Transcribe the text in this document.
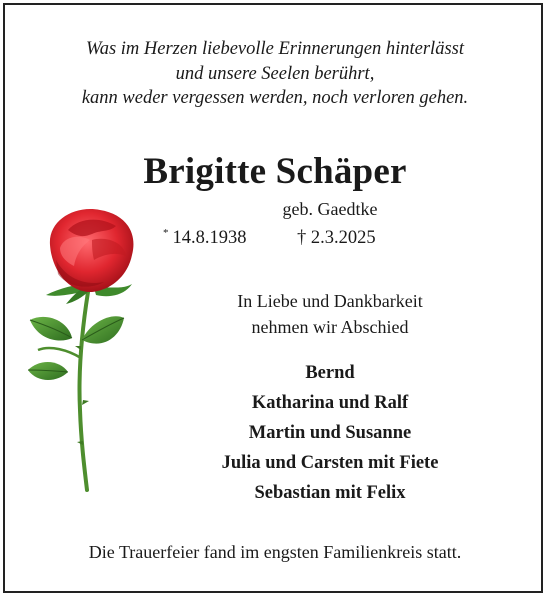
Was im Herzen liebevolle Erinnerungen hinterlässt
und unsere Seelen berührt,
kann weder vergessen werden, noch verloren gehen.
Brigitte Schäper
geb. Gaedtke
* 14.8.1938	† 2.3.2025
In Liebe und Dankbarkeit
nehmen wir Abschied
Bernd
Katharina und Ralf
Martin und Susanne
Julia und Carsten mit Fiete
Sebastian mit Felix
Die Trauerfeier fand im engsten Familienkreis statt.
